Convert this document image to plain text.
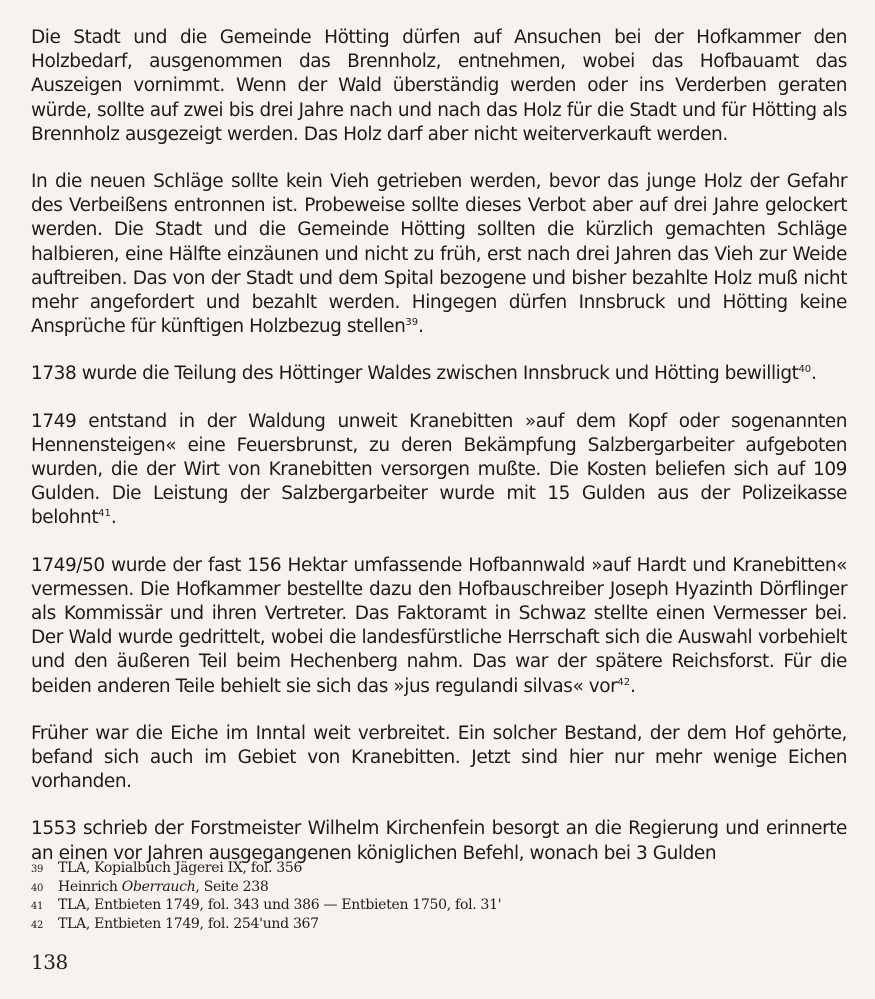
Die Stadt und die Gemeinde Hötting dürfen auf Ansuchen bei der Hofkammer den Holzbedarf, ausgenommen das Brennholz, entnehmen, wobei das Hofbauamt das Auszeigen vornimmt. Wenn der Wald überständig werden oder ins Verderben geraten würde, sollte auf zwei bis drei Jahre nach und nach das Holz für die Stadt und für Hötting als Brennholz ausgezeigt werden. Das Holz darf aber nicht weiterverkauft werden.

In die neuen Schläge sollte kein Vieh getrieben werden, bevor das junge Holz der Gefahr des Verbeißens entronnen ist. Probeweise sollte dieses Verbot aber auf drei Jahre gelockert werden. Die Stadt und die Gemeinde Hötting sollten die kürzlich gemachten Schläge halbieren, eine Hälfte einzäunen und nicht zu früh, erst nach drei Jahren das Vieh zur Weide auftreiben. Das von der Stadt und dem Spital bezogene und bisher bezahlte Holz muß nicht mehr angefordert und bezahlt werden. Hingegen dürfen Innsbruck und Hötting keine Ansprüche für künftigen Holzbezug stellen$^{39}$.

1738 wurde die Teilung des Höttinger Waldes zwischen Innsbruck und Hötting bewilligt$^{40}$.

1749 entstand in der Waldung unweit Kranebitten »auf dem Kopf oder sogenannten Hennensteigen« eine Feuersbrunst, zu deren Bekämpfung Salzbergarbeiter aufgeboten wurden, die der Wirt von Kranebitten versorgen mußte. Die Kosten beliefen sich auf 109 Gulden. Die Leistung der Salzbergarbeiter wurde mit 15 Gulden aus der Polizeikasse belohnt$^{41}$.

1749/50 wurde der fast 156 Hektar umfassende Hofbannwald »auf Hardt und Kranebitten« vermessen. Die Hofkammer bestellte dazu den Hofbauschreiber Joseph Hyazinth Dörflinger als Kommissär und ihren Vertreter. Das Faktoramt in Schwaz stellte einen Vermesser bei. Der Wald wurde gedrittelt, wobei die landesfürstliche Herrschaft sich die Auswahl vorbehielt und den äußeren Teil beim Hechenberg nahm. Das war der spätere Reichsforst. Für die beiden anderen Teile behielt sie sich das »jus regulandi silvas« vor$^{42}$.

Früher war die Eiche im Inntal weit verbreitet. Ein solcher Bestand, der dem Hof gehörte, befand sich auch im Gebiet von Kranebitten. Jetzt sind hier nur mehr wenige Eichen vorhanden.

1553 schrieb der Forstmeister Wilhelm Kirchenfein besorgt an die Regierung und erinnerte an einen vor Jahren ausgegangenen königlichen Befehl, wonach bei 3 Gulden

39	TLA, Kopialbuch Jägerei IX, fol. 356
40	Heinrich Oberrauch, Seite 238
41	TLA, Entbieten 1749, fol. 343 und 386 — Entbieten 1750, fol. 31'
42	TLA, Entbieten 1749, fol. 254'und 367
138
